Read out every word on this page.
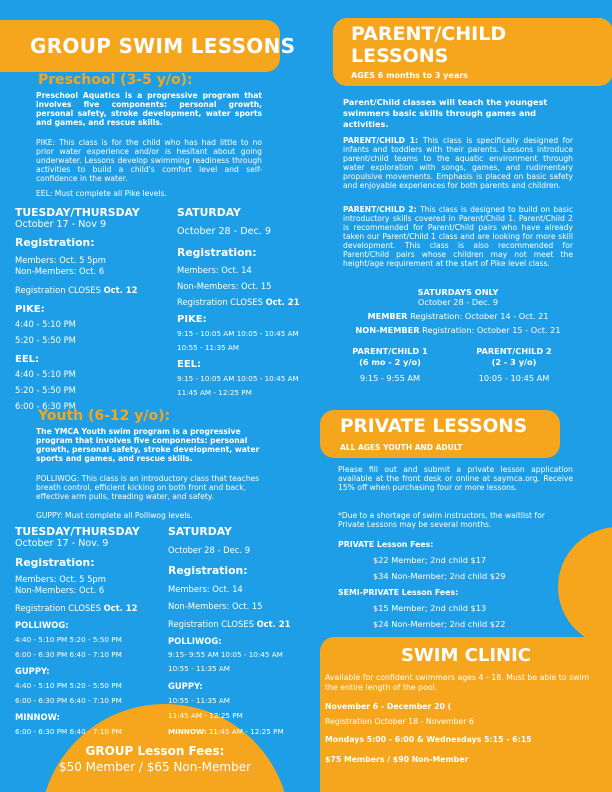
GROUP SWIM LESSONS
Preschool (3-5 y/o):
Preschool Aquatics is a progressive program that involves five components: personal growth, personal safety, stroke development, water sports and games, and rescue skills.
PIKE: This class is for the child who has had little to no prior water experience and/or is hesitant about going underwater. Lessons develop swimming readiness through activities to build a child's comfort level and self-confidence in the water.
EEL: Must complete all Pike levels.
TUESDAY/THURSDAY
October 17 - Nov 9
Registration:
Members: Oct. 5 5pm
Non-Members: Oct. 6
Registration CLOSES Oct. 12
PIKE:
4:40 - 5:10 PM
5:20 - 5:50 PM
EEL:
4:40 - 5:10 PM
5:20 - 5:50 PM
6:00 - 6:30 PM
SATURDAY
October 28 - Dec. 9
Registration:
Members: Oct. 14
Non-Members: Oct. 15
Registration CLOSES Oct. 21
PIKE:
9:15 - 10:05 AM 10:05 - 10:45 AM
10:55 - 11:35 AM
EEL:
9:15 - 10:05 AM 10:05 - 10:45 AM
11:45 AM - 12:25 PM
Youth (6-12 y/o):
The YMCA Youth swim program is a progressive program that involves five components: personal growth, personal safety, stroke development, water sports and games, and rescue skills.
POLLIWOG: This class is an introductory class that teaches breath control, efficient kicking on both front and back, effective arm pulls, treading water, and safety.
GUPPY: Must complete all Polliwog levels.
TUESDAY/THURSDAY
October 17 - Nov. 9
Registration:
Members: Oct. 5 5pm
Non-Members: Oct. 6
Registration CLOSES Oct. 12
POLLIWOG:
4:40 - 5:10 PM 5:20 - 5:50 PM
6:00 - 6:30 PM 6:40 - 7:10 PM
GUPPY:
4:40 - 5:10 PM 5:20 - 5:50 PM
6:00 - 6:30 PM 6:40 - 7:10 PM
MINNOW:
6:00 - 6:30 PM 6:40 - 7:10 PM
SATURDAY
October 28 - Dec. 9
Registration:
Members: Oct. 14
Non-Members: Oct. 15
Registration CLOSES Oct. 21
POLLIWOG:
9:15- 9:55 AM 10:05 - 10:45 AM
10:55 - 11:35 AM
GUPPY:
10:55 - 11:35 AM
11:45 AM - 12:25 PM
MINNOW: 11:45 AM - 12:25 PM
GROUP Lesson Fees:
$50 Member / $65 Non-Member
PARENT/CHILD
LESSONS
AGES 6 months to 3 years
Parent/Child classes will teach the youngest swimmers basic skills through games and activities.
PARENT/CHILD 1: This class is specifically designed for infants and toddlers with their parents. Lessons introduce parent/child teams to the aquatic environment through water exploration with songs, games, and rudimentary propulsive movements. Emphasis is placed on basic safety and enjoyable experiences for both parents and children.
PARENT/CHILD 2: This class is designed to build on basic introductory skills covered in Parent/Child 1. Parent/Child 2 is recommended for Parent/Child pairs who have already taken our Parent/Child 1 class and are looking for more skill development. This class is also recommended for Parent/Child pairs whose children may not meet the height/age requirement at the start of Pike level class.
SATURDAYS ONLY
October 28 - Dec. 9
MEMBER Registration: October 14 - Oct. 21
NON-MEMBER Registration: October 15 - Oct. 21
PARENT/CHILD 1
(6 mo - 2 y/o)
9:15 - 9:55 AM
PARENT/CHILD 2
(2 - 3 y/o)
10:05 - 10:45 AM
PRIVATE LESSONS
ALL AGES YOUTH AND ADULT
Please fill out and submit a private lesson application available at the front desk or online at saymca.org. Receive 15% off when purchasing four or more lessons.
*Due to a shortage of swim instructors, the waitlist for Private Lessons may be several months.
PRIVATE Lesson Fees:
$22 Member; 2nd child $17
$34 Non-Member; 2nd child $29
SEMI-PRIVATE Lesson Fees:
$15 Member; 2nd child $13
$24 Non-Member; 2nd child $22
SWIM CLINIC
Available for confident swimmers ages 4 - 18. Must be able to swim the entire length of the pool.
November 6 - December 20 (
Registration October 18 - November 6
Mondays 5:00 - 6:00 & Wednesdays 5:15 - 6:15
$75 Members / $90 Non-Member
